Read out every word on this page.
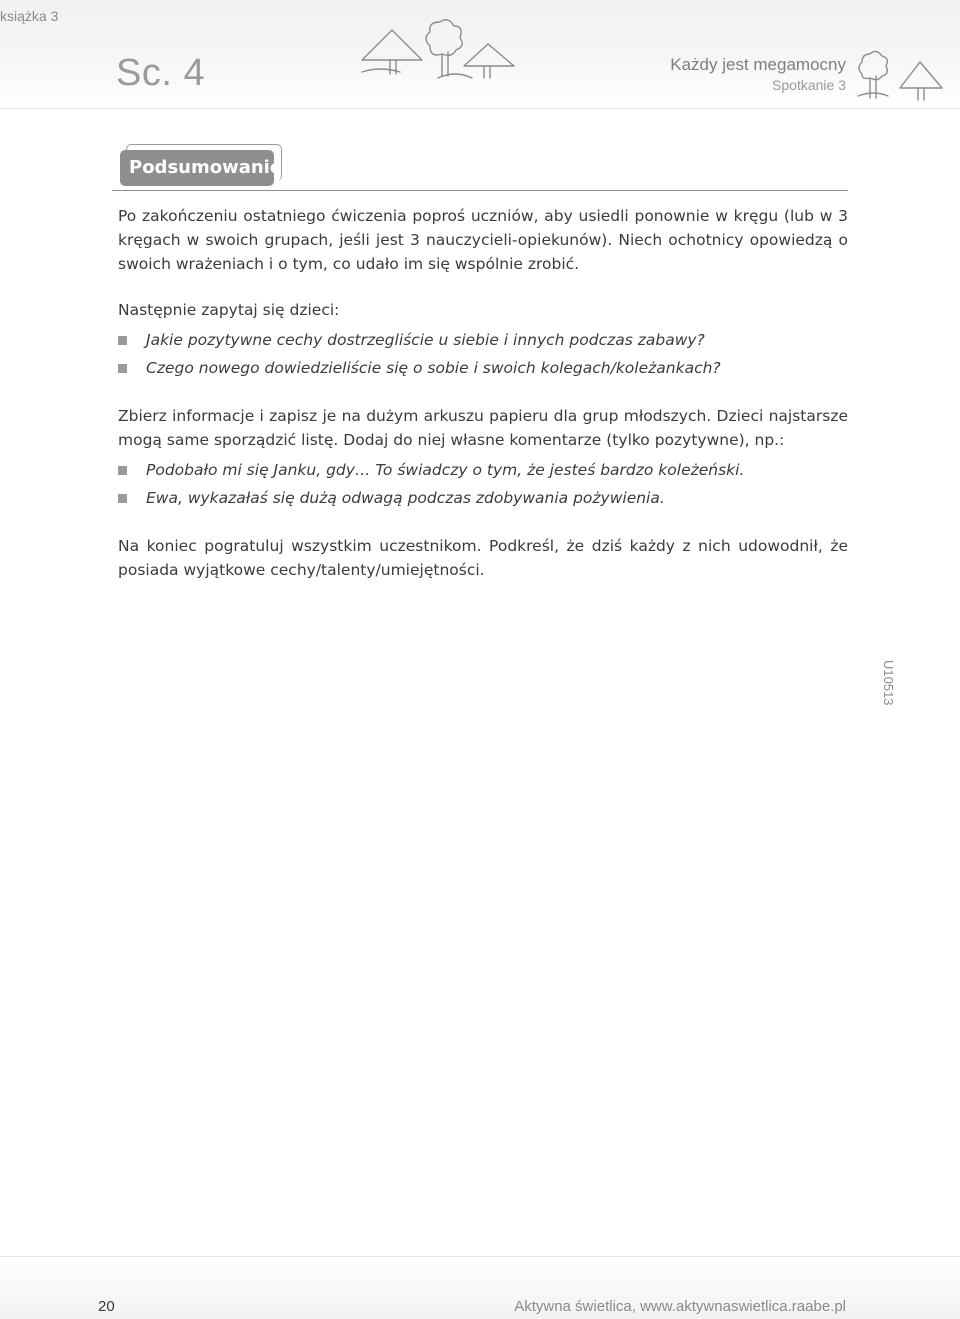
książka 3
Sc. 4	Każdy jest megamocny
Spotkanie 3
Podsumowanie

Po zakończeniu ostatniego ćwiczenia poproś uczniów, aby usiedli ponownie w kręgu (lub w 3 kręgach w swoich grupach, jeśli jest 3 nauczycieli-opiekunów). Niech ochotnicy opowiedzą o swoich wrażeniach i o tym, co udało im się wspólnie zrobić.

Następnie zapytaj się dzieci:

Jakie pozytywne cechy dostrzegliście u siebie i innych podczas zabawy?
Czego nowego dowiedzieliście się o sobie i swoich kolegach/koleżankach?

Zbierz informacje i zapisz je na dużym arkuszu papieru dla grup młodszych. Dzieci najstarsze mogą same sporządzić listę. Dodaj do niej własne komentarze (tylko pozytywne), np.:

Podobało mi się Janku, gdy… To świadczy o tym, że jesteś bardzo koleżeński.
Ewa, wykazałaś się dużą odwagą podczas zdobywania pożywienia.

Na koniec pogratuluj wszystkim uczestnikom. Podkreśl, że dziś każdy z nich udowodnił, że posiada wyjątkowe cechy/talenty/umiejętności.

U10513
20	Aktywna świetlica, www.aktywnaswietlica.raabe.pl
